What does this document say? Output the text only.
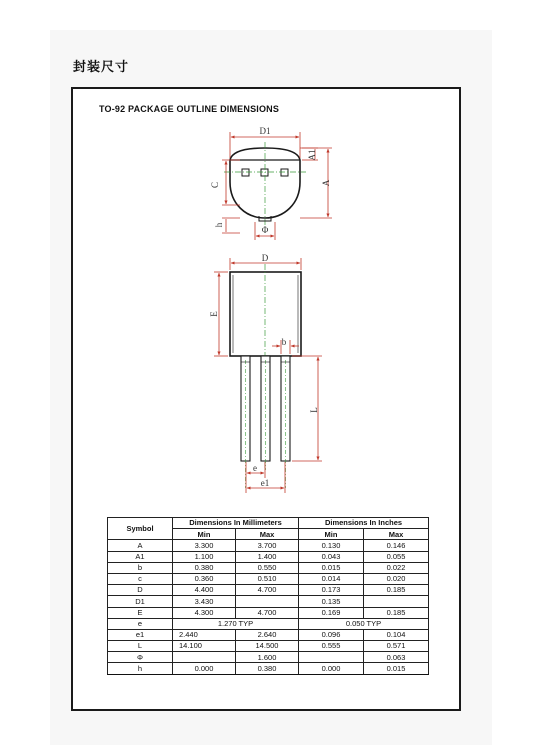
封装尺寸
TO-92 PACKAGE OUTLINE DIMENSIONS
D1
A1
A
C
h	Φ
D
E
b
L
e
e1
Symbol	Dimensions In Millimeters		Dimensions In Inches	
	Min	Max	Min	Max
A	3.300	3.700	0.130	0.146
A1	1.100	1.400	0.043	0.055
b	0.380	0.550	0.015	0.022
c	0.360	0.510	0.014	0.020
D	4.400	4.700	0.173	0.185
D1	3.430		0.135	
E	4.300	4.700	0.169	0.185
e	1.270 TYP		0.050 TYP	
e1	2.440	2.640	0.096	0.104
L	14.100	14.500	0.555	0.571
Φ		1.600		0.063
h	0.000	0.380	0.000	0.015
